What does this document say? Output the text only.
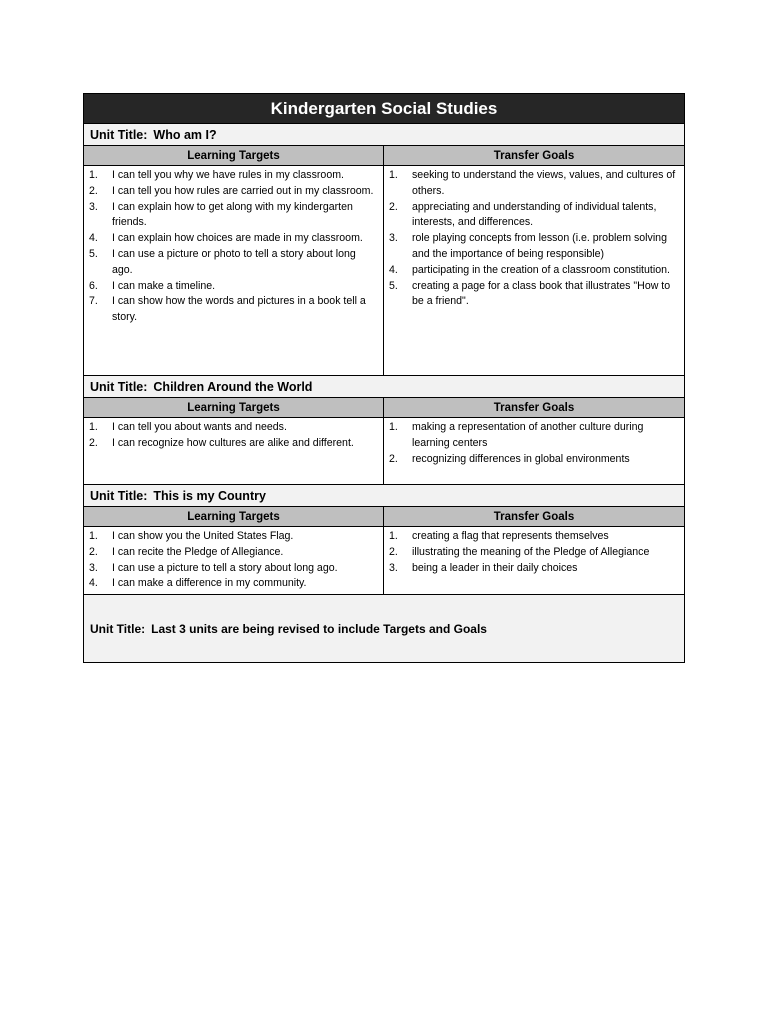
Kindergarten Social Studies
Unit Title: Who am I?
Learning Targets	Transfer Goals
1.	I can tell you why we have rules in my classroom.
2.	I can tell you how rules are carried out in my classroom.
3.	I can explain how to get along with my kindergarten friends.
4.	I can explain how choices are made in my classroom.
5.	I can use a picture or photo to tell a story about long ago.
6.	I can make a timeline.
7.	I can show how the words and pictures in a book tell a story.
1.	seeking to understand the views, values, and cultures of others.
2.	appreciating and understanding of individual talents, interests, and differences.
3.	role playing concepts from lesson (i.e. problem solving and the importance of being responsible)
4.	participating in the creation of a classroom constitution.
5.	creating a page for a class book that illustrates "How to be a friend".
Unit Title: Children Around the World
Learning Targets	Transfer Goals
1.	I can tell you about wants and needs.
2.	I can recognize how cultures are alike and different.
1.	making a representation of another culture during learning centers
2.	recognizing differences in global environments
Unit Title: This is my Country
Learning Targets	Transfer Goals
1.	I can show you the United States Flag.
2.	I can recite the Pledge of Allegiance.
3.	I can use a picture to tell a story about long ago.
4.	I can make a difference in my community.
1.	creating a flag that represents themselves
2.	illustrating the meaning of the Pledge of Allegiance
3.	being a leader in their daily choices
Unit Title: Last 3 units are being revised to include Targets and Goals
